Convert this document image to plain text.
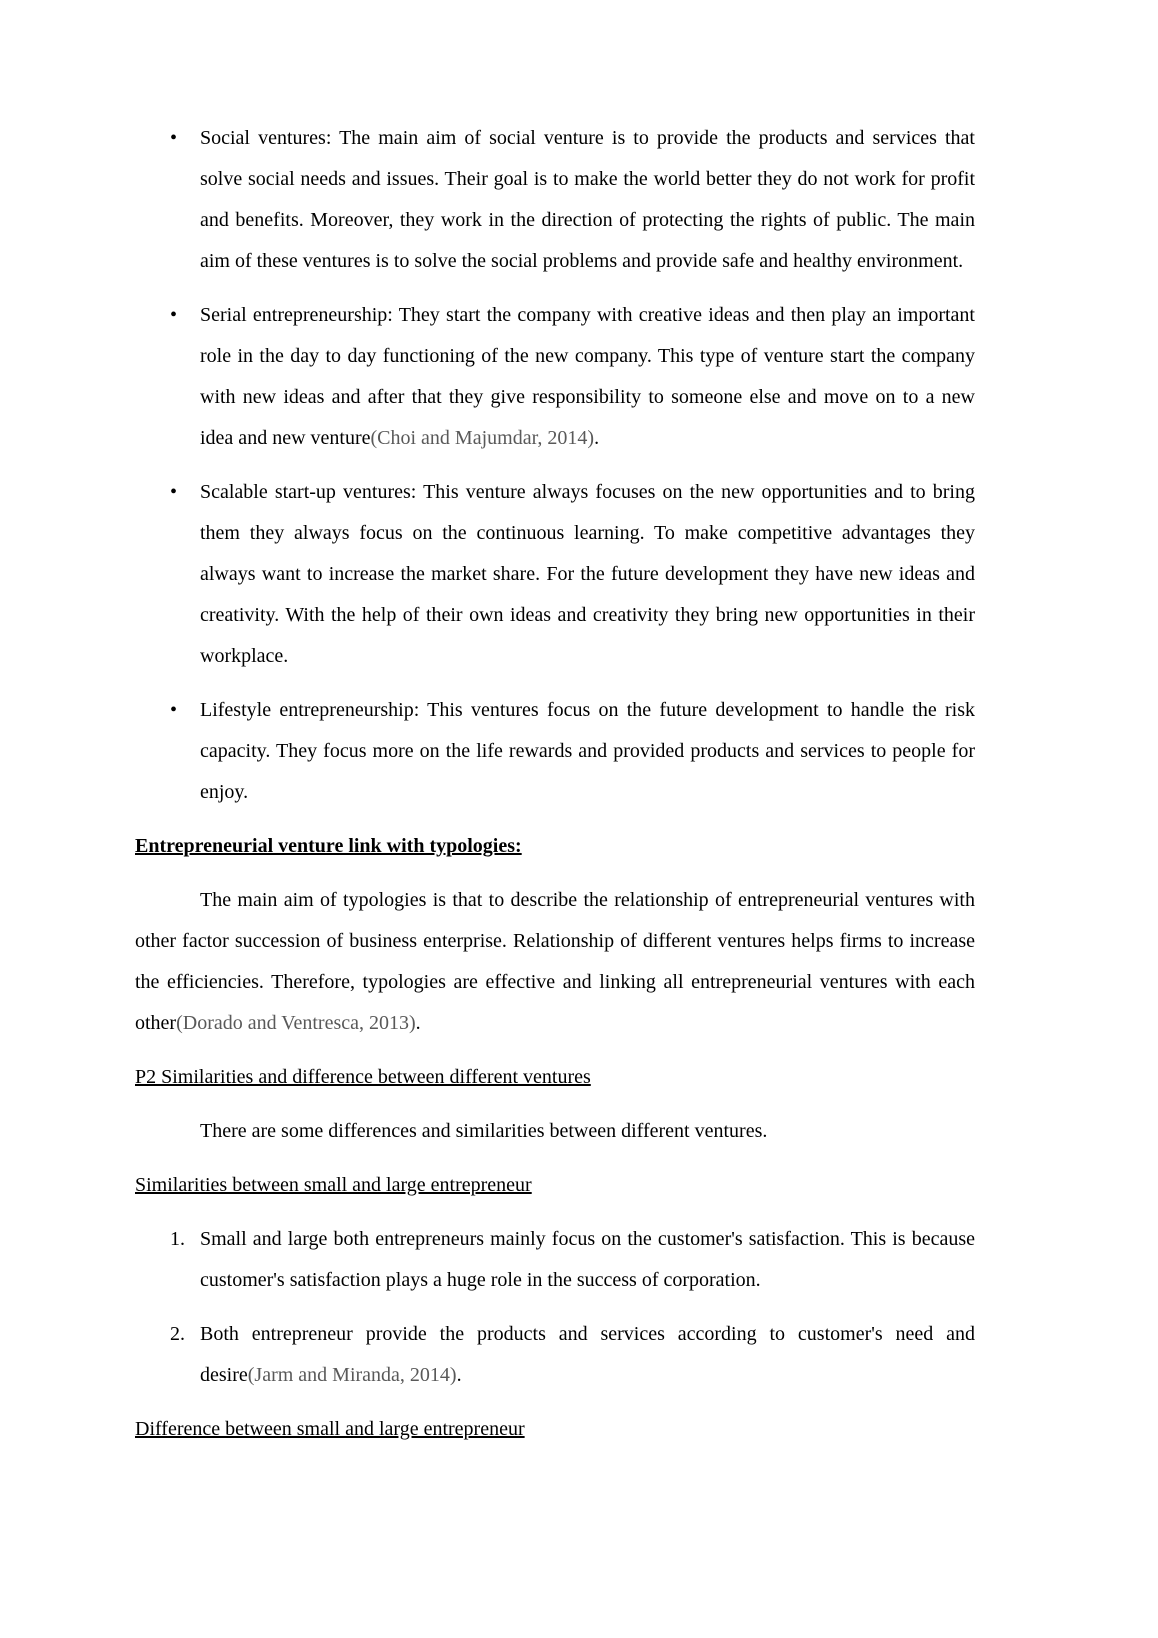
•	Social ventures: The main aim of social venture is to provide the products and services that solve social needs and issues. Their goal is to make the world better they do not work for profit and benefits. Moreover, they work in the direction of protecting the rights of public. The main aim of these ventures is to solve the social problems and provide safe and healthy environment.
•	Serial entrepreneurship: They start the company with creative ideas and then play an important role in the day to day functioning of the new company. This type of venture start the company with new ideas and after that they give responsibility to someone else and move on to a new idea and new venture(Choi and Majumdar, 2014).
•	Scalable start-up ventures: This venture always focuses on the new opportunities and to bring them they always focus on the continuous learning. To make competitive advantages they always want to increase the market share. For the future development they have new ideas and creativity. With the help of their own ideas and creativity they bring new opportunities in their workplace.
•	Lifestyle entrepreneurship: This ventures focus on the future development to handle the risk capacity. They focus more on the life rewards and provided products and services to people for enjoy.
Entrepreneurial venture link with typologies:
The main aim of typologies is that to describe the relationship of entrepreneurial ventures with other factor succession of business enterprise. Relationship of different ventures helps firms to increase the efficiencies. Therefore, typologies are effective and linking all entrepreneurial ventures with each other(Dorado and Ventresca, 2013).
P2 Similarities and difference between different ventures
There are some differences and similarities between different ventures.
Similarities between small and large entrepreneur
1. Small and large both entrepreneurs mainly focus on the customer's satisfaction. This is because customer's satisfaction plays a huge role in the success of corporation.
2. Both entrepreneur provide the products and services according to customer's need and desire(Jarm and Miranda, 2014).
Difference between small and large entrepreneur
